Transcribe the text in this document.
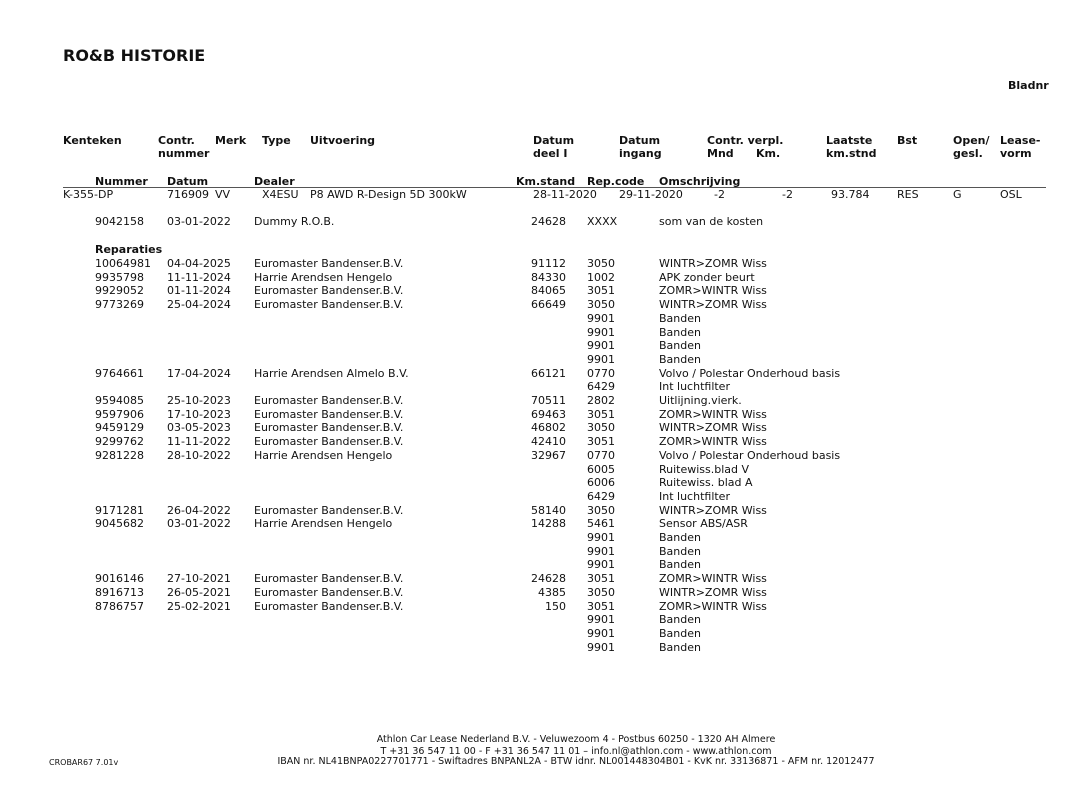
RO&B HISTORIE
Bladnr
Kenteken	Contr.
nummer
Merk Type Uitvoering	Datum
deel I
Datum
ingang
Contr. verpl.
Mnd Km.
Laatste
km.stnd
Bst	Open/
gesl.
Lease-
vorm
Nummer Datum	Dealer	Km.stand Rep.code Omschrijving
K-355-DP	716909 VV	X4ESU P8 AWD R-Design 5D 300kW	28-11-2020 29-11-2020	-2	-2	93.784	RES	G	OSL
9042158 03-01-2022 Dummy R.O.B.	24628 XXXX	som van de kosten
Reparaties
10064981 04-04-2025 Euromaster Bandenser.B.V.	91112 3050	WINTR>ZOMR Wiss
9935798 11-11-2024 Harrie Arendsen Hengelo	84330 1002	APK zonder beurt
9929052 01-11-2024 Euromaster Bandenser.B.V.	84065 3051	ZOMR>WINTR Wiss
9773269 25-04-2024 Euromaster Bandenser.B.V.	66649 3050	WINTR>ZOMR Wiss
9901	Banden
9901	Banden
9901	Banden
9901	Banden
9764661 17-04-2024 Harrie Arendsen Almelo B.V.	66121 0770	Volvo / Polestar Onderhoud basis
6429	Int luchtfilter
9594085 25-10-2023 Euromaster Bandenser.B.V.	70511 2802	Uitlijning.vierk.
9597906 17-10-2023 Euromaster Bandenser.B.V.	69463 3051	ZOMR>WINTR Wiss
9459129 03-05-2023 Euromaster Bandenser.B.V.	46802 3050	WINTR>ZOMR Wiss
9299762 11-11-2022 Euromaster Bandenser.B.V.	42410 3051	ZOMR>WINTR Wiss
9281228 28-10-2022 Harrie Arendsen Hengelo	32967 0770	Volvo / Polestar Onderhoud basis
6005	Ruitewiss.blad V
6006	Ruitewiss. blad A
6429	Int luchtfilter
9171281 26-04-2022 Euromaster Bandenser.B.V.	58140 3050	WINTR>ZOMR Wiss
9045682 03-01-2022 Harrie Arendsen Hengelo	14288 5461	Sensor ABS/ASR
9901	Banden
9901	Banden
9901	Banden
9016146 27-10-2021 Euromaster Bandenser.B.V.	24628 3051	ZOMR>WINTR Wiss
8916713 26-05-2021 Euromaster Bandenser.B.V.	4385 3050	WINTR>ZOMR Wiss
8786757 25-02-2021 Euromaster Bandenser.B.V.	150 3051	ZOMR>WINTR Wiss
9901	Banden
9901	Banden
9901	Banden
Athlon Car Lease Nederland B.V. - Veluwezoom 4 - Postbus 60250 - 1320 AH Almere
T +31 36 547 11 00 - F +31 36 547 11 01 – info.nl@athlon.com - www.athlon.com
IBAN nr. NL41BNPA0227701771 - Swiftadres BNPANL2A - BTW idnr. NL001448304B01 - KvK nr. 33136871 - AFM nr. 12012477
CROBAR67 7.01v
